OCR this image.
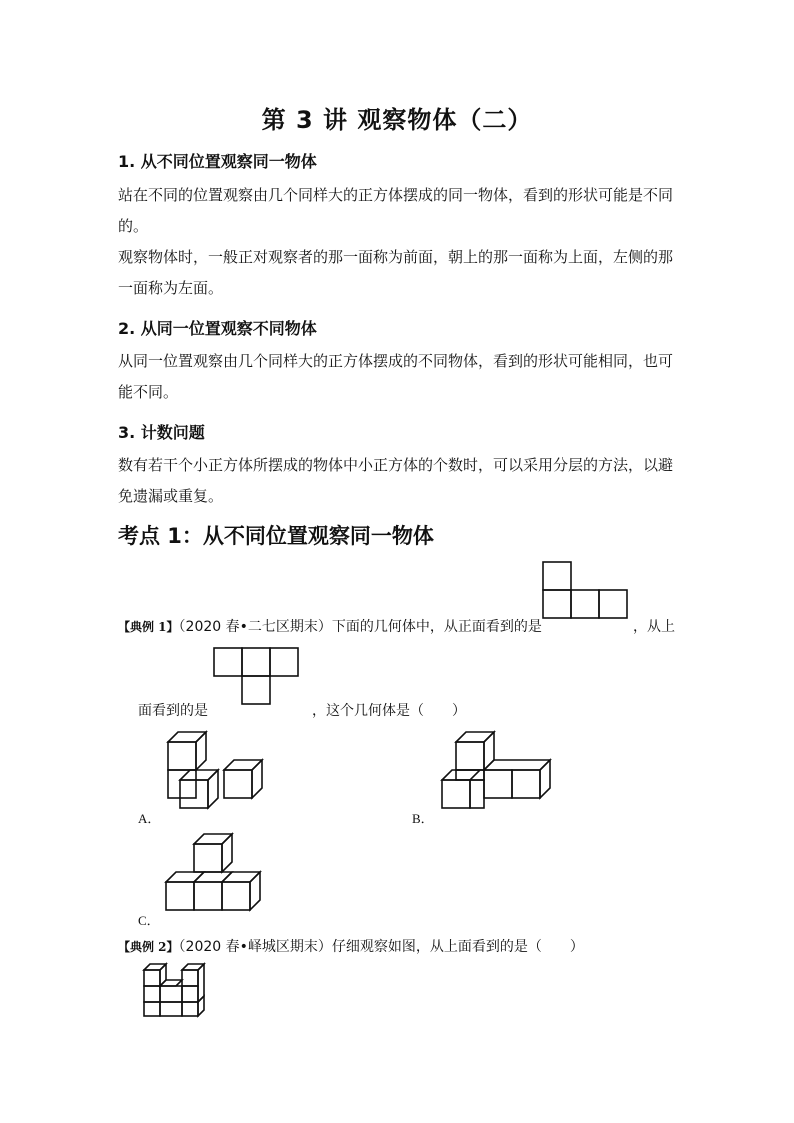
第 3 讲 观察物体（二）
1. 从不同位置观察同一物体
站在不同的位置观察由几个同样大的正方体摆成的同一物体，看到的形状可能是不同的。
观察物体时，一般正对观察者的那一面称为前面，朝上的那一面称为上面，左侧的那一面称为左面。
2. 从同一位置观察不同物体
从同一位置观察由几个同样大的正方体摆成的不同物体，看到的形状可能相同，也可能不同。
3. 计数问题
数有若干个小正方体所摆成的物体中小正方体的个数时，可以采用分层的方法，以避免遗漏或重复。
考点 1：从不同位置观察同一物体
【典例 1】（2020 春•二七区期末）下面的几何体中，从正面看到的是	，从上
面看到的是	，这个几何体是（　　）
A．	B．
C．
【典例 2】（2020 春•峄城区期末）仔细观察如图，从上面看到的是（　　）
